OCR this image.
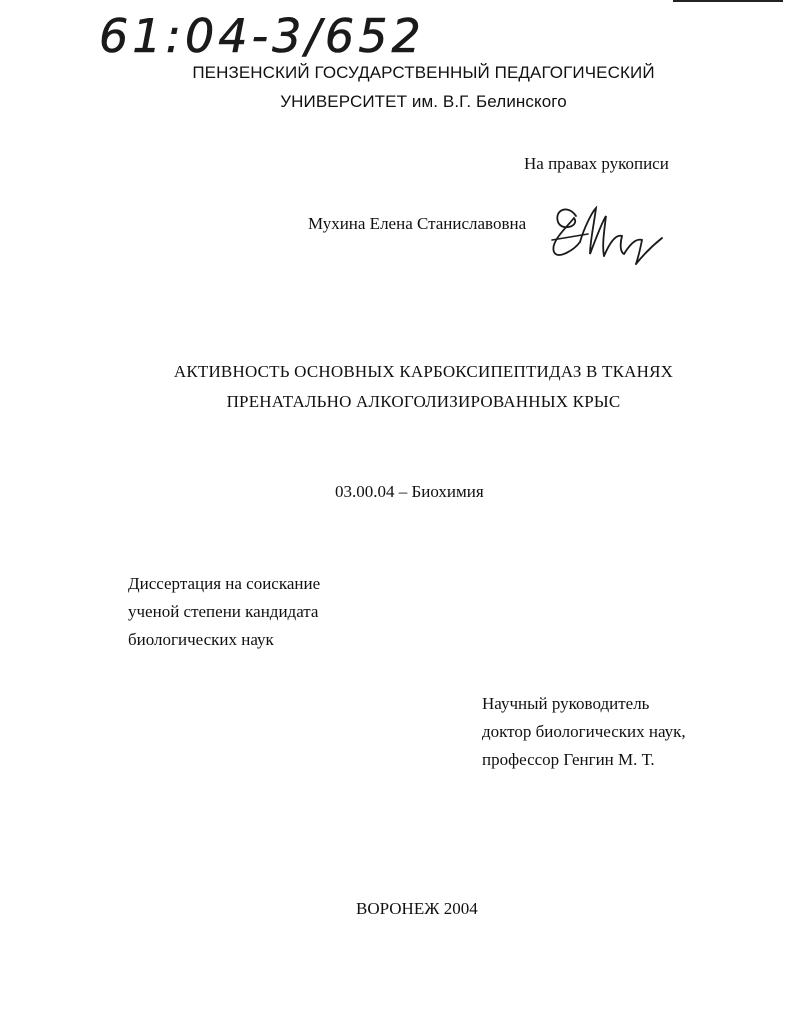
61:04-3/652

ПЕНЗЕНСКИЙ ГОСУДАРСТВЕННЫЙ ПЕДАГОГИЧЕСКИЙ

УНИВЕРСИТЕТ им. В.Г. Белинского

На правах рукописи

Мухина Елена Станиславовна

АКТИВНОСТЬ ОСНОВНЫХ КАРБОКСИПЕПТИДАЗ В ТКАНЯХ

ПРЕНАТАЛЬНО АЛКОГОЛИЗИРОВАННЫХ КРЫС

03.00.04 – Биохимия

Диссертация на соискание
ученой степени кандидата
биологических наук
Научный руководитель
доктор биологических наук,
профессор Генгин М. Т.

ВОРОНЕЖ 2004
